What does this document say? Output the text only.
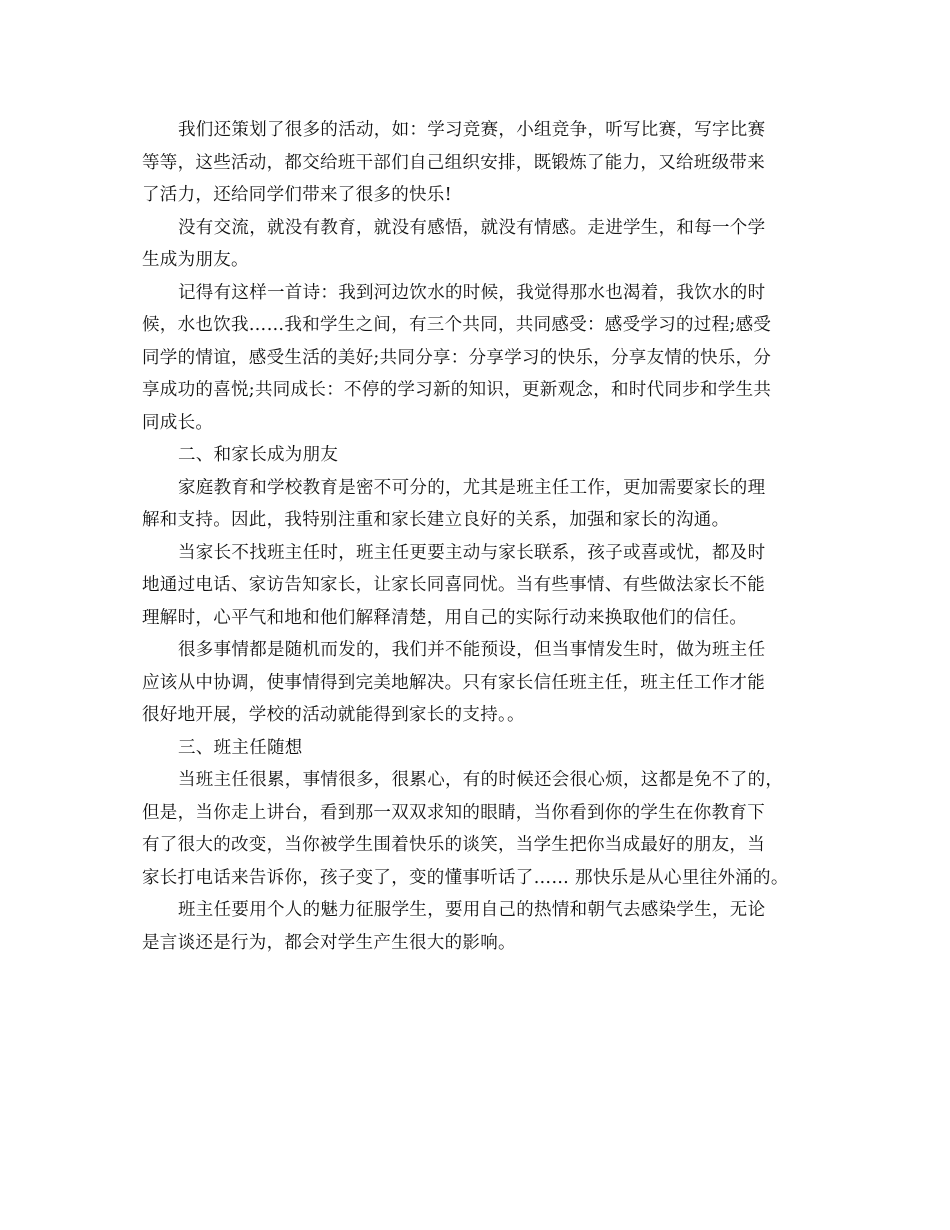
我们还策划了很多的活动，如：学习竞赛，小组竞争，听写比赛，写字比赛
等等，这些活动，都交给班干部们自己组织安排，既锻炼了能力，又给班级带来
了活力，还给同学们带来了很多的快乐!
没有交流，就没有教育，就没有感悟，就没有情感。走进学生，和每一个学
生成为朋友。
记得有这样一首诗：我到河边饮水的时候，我觉得那水也渴着，我饮水的时
候，水也饮我……我和学生之间，有三个共同，共同感受：感受学习的过程;感受
同学的情谊，感受生活的美好;共同分享：分享学习的快乐，分享友情的快乐，分
享成功的喜悦;共同成长：不停的学习新的知识，更新观念，和时代同步和学生共
同成长。
二、和家长成为朋友
家庭教育和学校教育是密不可分的，尤其是班主任工作，更加需要家长的理
解和支持。因此，我特别注重和家长建立良好的关系，加强和家长的沟通。
当家长不找班主任时，班主任更要主动与家长联系，孩子或喜或忧，都及时
地通过电话、家访告知家长，让家长同喜同忧。当有些事情、有些做法家长不能
理解时，心平气和地和他们解释清楚，用自己的实际行动来换取他们的信任。
很多事情都是随机而发的，我们并不能预设，但当事情发生时，做为班主任
应该从中协调，使事情得到完美地解决。只有家长信任班主任，班主任工作才能
很好地开展，学校的活动就能得到家长的支持。。
三、班主任随想
当班主任很累，事情很多，很累心，有的时候还会很心烦，这都是免不了的，
但是，当你走上讲台，看到那一双双求知的眼睛，当你看到你的学生在你教育下
有了很大的改变，当你被学生围着快乐的谈笑，当学生把你当成最好的朋友，当
家长打电话来告诉你，孩子变了，变的懂事听话了…… 那快乐是从心里往外涌的。
班主任要用个人的魅力征服学生，要用自己的热情和朝气去感染学生，无论
是言谈还是行为，都会对学生产生很大的影响。
